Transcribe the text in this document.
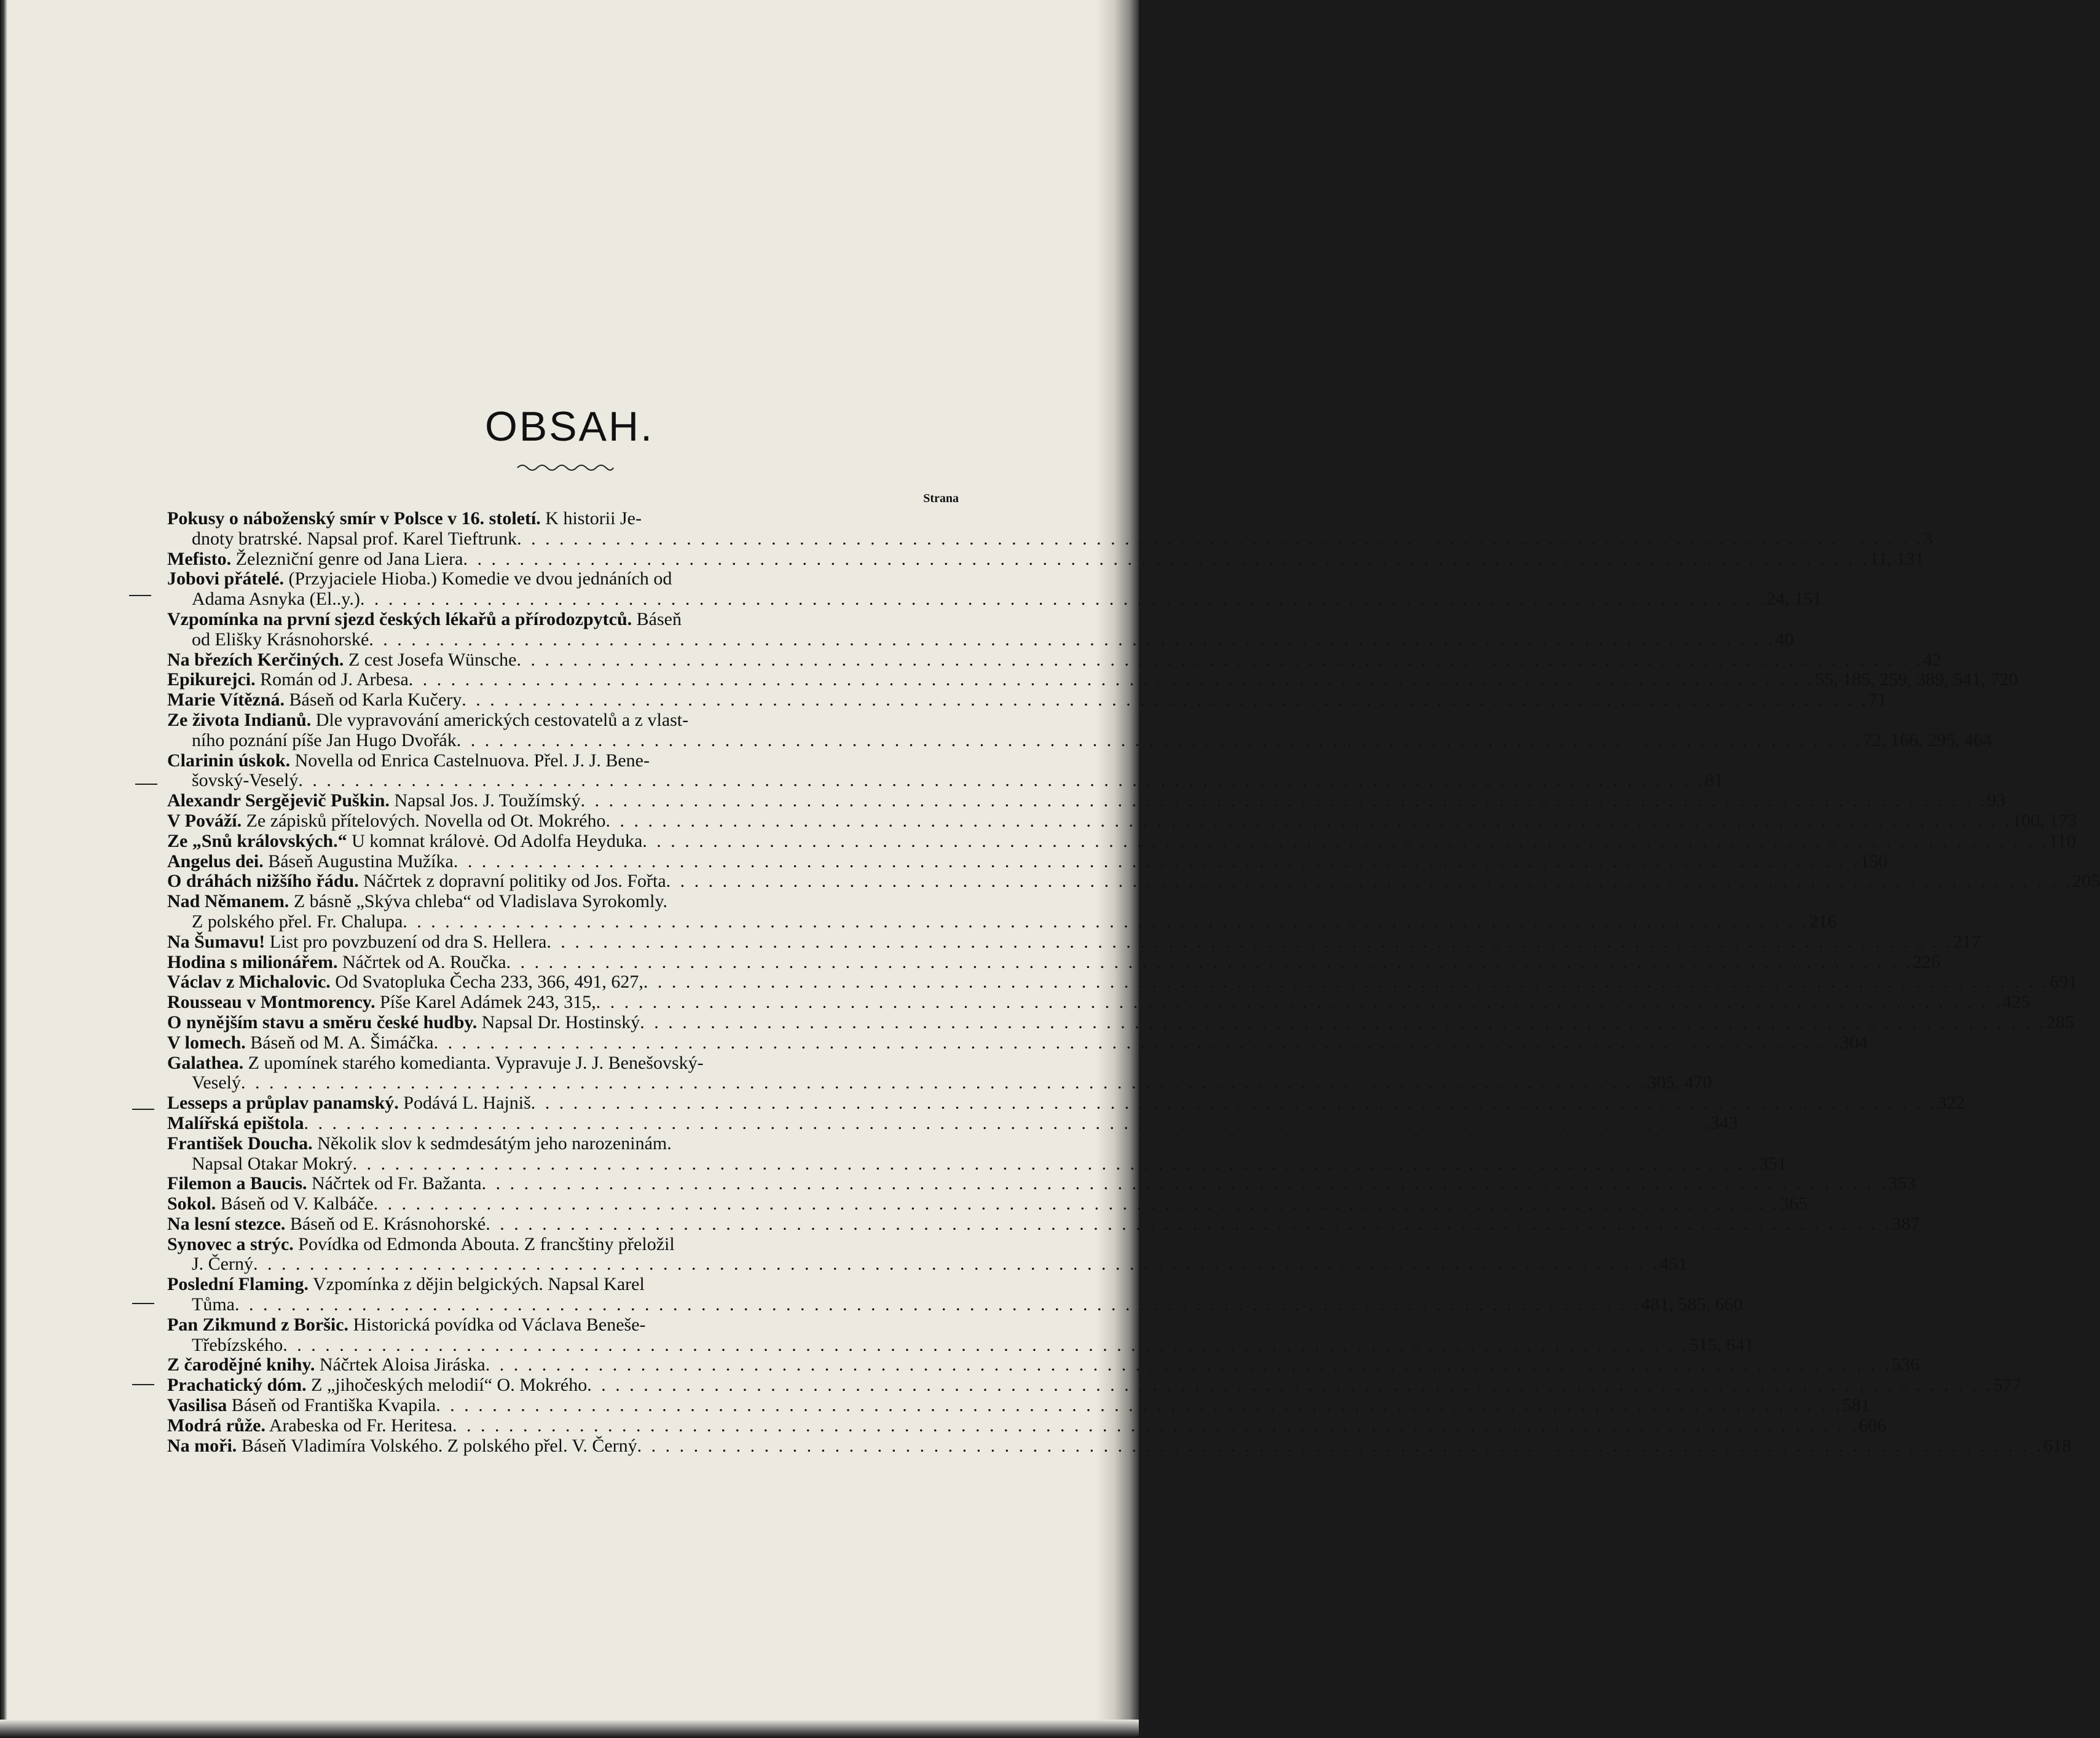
OBSAH.
Strana
Pokusy o náboženský smír v Polsce v 16. století. K historii Je-
dnoty bratrské. Napsal prof. Karel Tieftrunk . . .	3
Mefisto. Železniční genre od Jana Liera . . .	11, 131
Jobovi přátelé. (Przyjaciele Hioba.) Komedie ve dvou jednáních od
Adama Asnyka (El..y.) . . .	24, 151
Vzpomínka na první sjezd českých lékařů a přírodozpytců. Báseň
od Elišky Krásnohorské . . .	40
Na březích Kerčiných. Z cest Josefa Wünsche . . .	42
Epikurejci. Román od J. Arbesa . . .	55, 185, 259, 389, 541, 720
Marie Vítězná. Báseň od Karla Kučery . . .	71
Ze života Indianů. Dle vypravování amerických cestovatelů a z vlast-
ního poznání píše Jan Hugo Dvořák . . .	72, 166, 295, 464
Clarinin úskok. Novella od Enrica Castelnuova. Přel. J. J. Bene-
šovský-Veselý . . .	81
Alexandr Sergějevič Puškin. Napsal Jos. J. Toužímský . . .	93
V Pováží. Ze zápisků přítelových. Novella od Ot. Mokrého . . .	100, 173
Ze „Snů královských.“ U komnat královė. Od Adolfa Heyduka . . .	110
Angelus dei. Báseň Augustina Mužíka . . .	150
O dráhách nižšího řádu. Náčrtek z dopravní politiky od Jos. Fořta . . .	205
Nad Němanem. Z básně „Skýva chleba“ od Vladislava Syrokomly.
Z polského přel. Fr. Chalupa . . .	216
Na Šumavu! List pro povzbuzení od dra S. Hellera . . .	217
Hodina s milionářem. Náčrtek od A. Roučka . . .	226
Václav z Michalovic. Od Svatopluka Čecha 233, 366, 491, 627, . . .	691
Rousseau v Montmorency. Píše Karel Adámek 243, 315, . . .	425
O nynějším stavu a směru české hudby. Napsal Dr. Hostinský . . .	285
V lomech. Báseň od M. A. Šimáčka . . .	304
Galathea. Z upomínek starého komedianta. Vypravuje J. J. Benešovský-
Veselý . . .	305, 470
Lesseps a průplav panamský. Podává L. Hajniš . . .	322
Malířská epištola . . .	343
František Doucha. Několik slov k sedmdesátým jeho narozeninám.
Napsal Otakar Mokrý . . .	351
Filemon a Baucis. Náčrtek od Fr. Bažanta . . .	353
Sokol. Báseň od V. Kalbáče . . .	365
Na lesní stezce. Báseň od E. Krásnohorské . . .	387
Synovec a strýc. Povídka od Edmonda Abouta. Z francštiny přeložil
J. Černý . . .	451
Poslední Flaming. Vzpomínka z dějin belgických. Napsal Karel
Tůma . . .	481, 585, 660
Pan Zikmund z Boršic. Historická povídka od Václava Beneše-
Třebízského . . .	515, 641
Z čarodějné knihy. Náčrtek Aloisa Jiráska . . .	536
Prachatický dóm. Z „jihočeských melodií“ O. Mokrého . . .	577
Vasilisa Báseň od Františka Kvapila . . .	581
Modrá růže. Arabeska od Fr. Heritesa . . .	606
Na moři. Báseň Vladimíra Volského. Z polského přel. V. Černý . . .	618
